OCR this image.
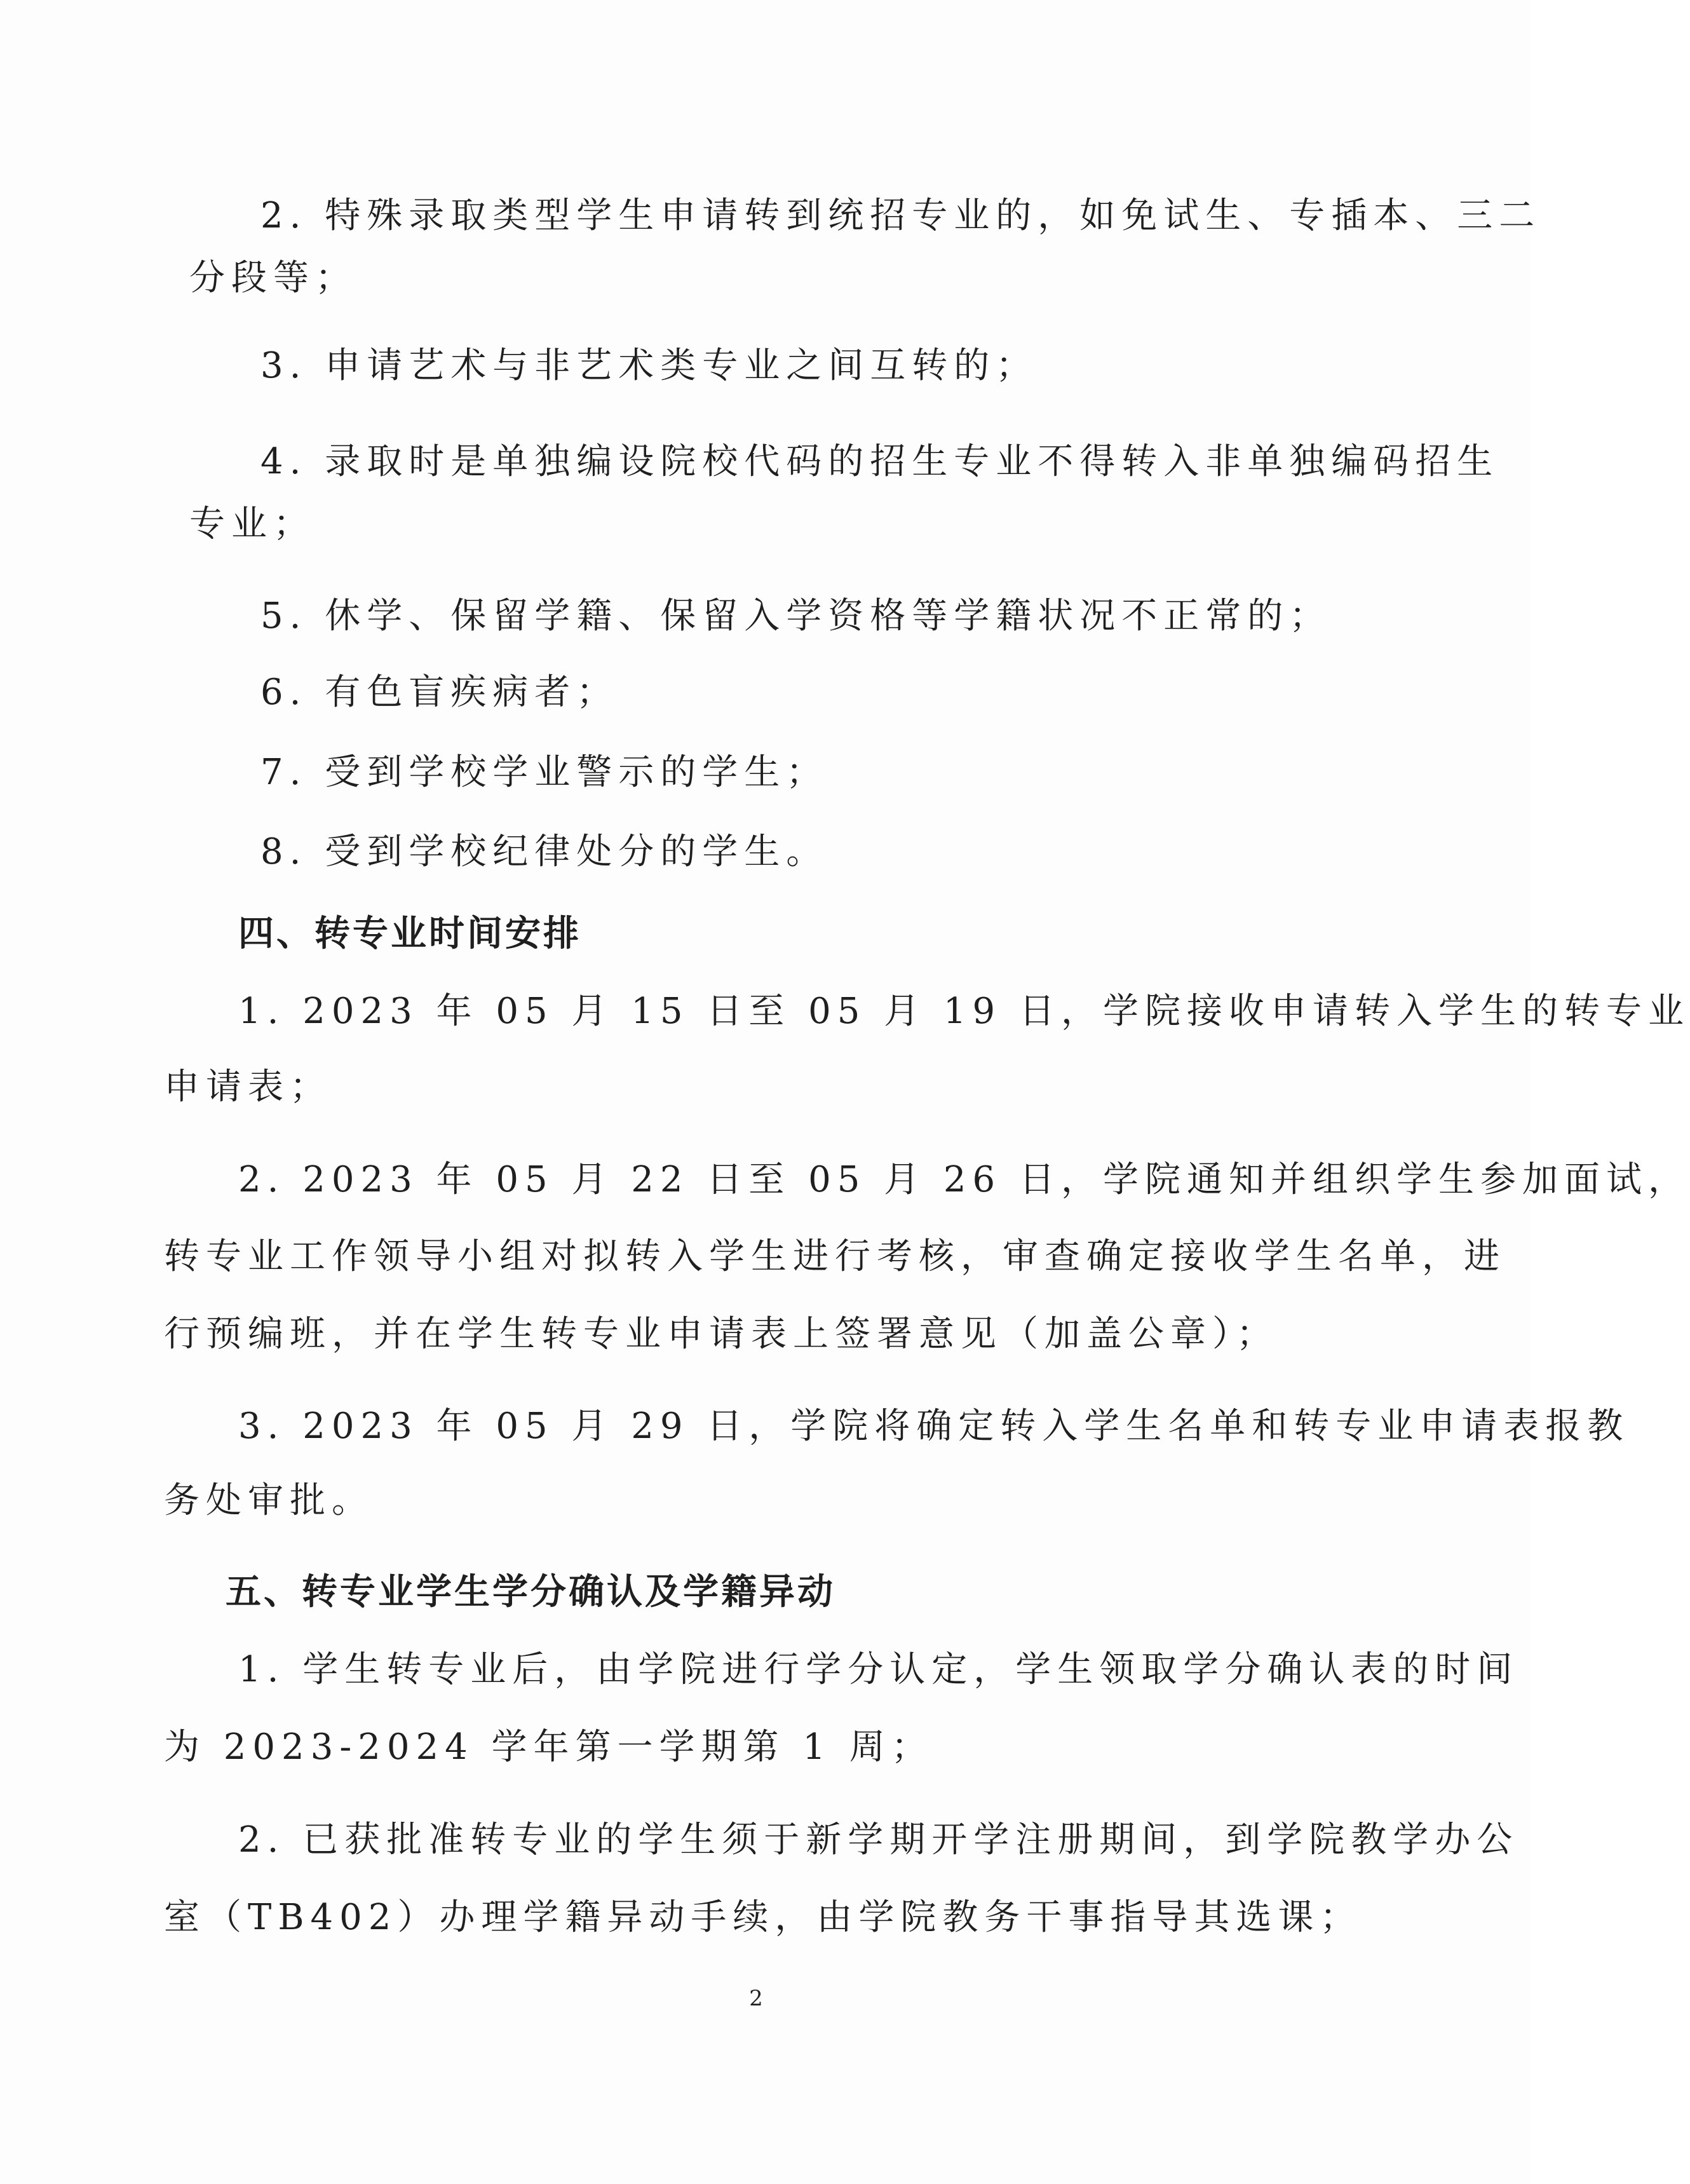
2. 特殊录取类型学生申请转到统招专业的，如免试生、专插本、三二
分段等；
3. 申请艺术与非艺术类专业之间互转的；
4. 录取时是单独编设院校代码的招生专业不得转入非单独编码招生
专业；
5. 休学、保留学籍、保留入学资格等学籍状况不正常的；
6. 有色盲疾病者；
7. 受到学校学业警示的学生；
8. 受到学校纪律处分的学生。
四、转专业时间安排
1. 2023 年 05 月 15 日至 05 月 19 日，学院接收申请转入学生的转专业
申请表；
2. 2023 年 05 月 22 日至 05 月 26 日，学院通知并组织学生参加面试，
转专业工作领导小组对拟转入学生进行考核，审查确定接收学生名单，进
行预编班，并在学生转专业申请表上签署意见（加盖公章）；
3. 2023 年 05 月 29 日，学院将确定转入学生名单和转专业申请表报教
务处审批。
五、转专业学生学分确认及学籍异动
1. 学生转专业后，由学院进行学分认定，学生领取学分确认表的时间
为 2023-2024 学年第一学期第 1 周；
2. 已获批准转专业的学生须于新学期开学注册期间，到学院教学办公
室（TB402）办理学籍异动手续，由学院教务干事指导其选课；
2
